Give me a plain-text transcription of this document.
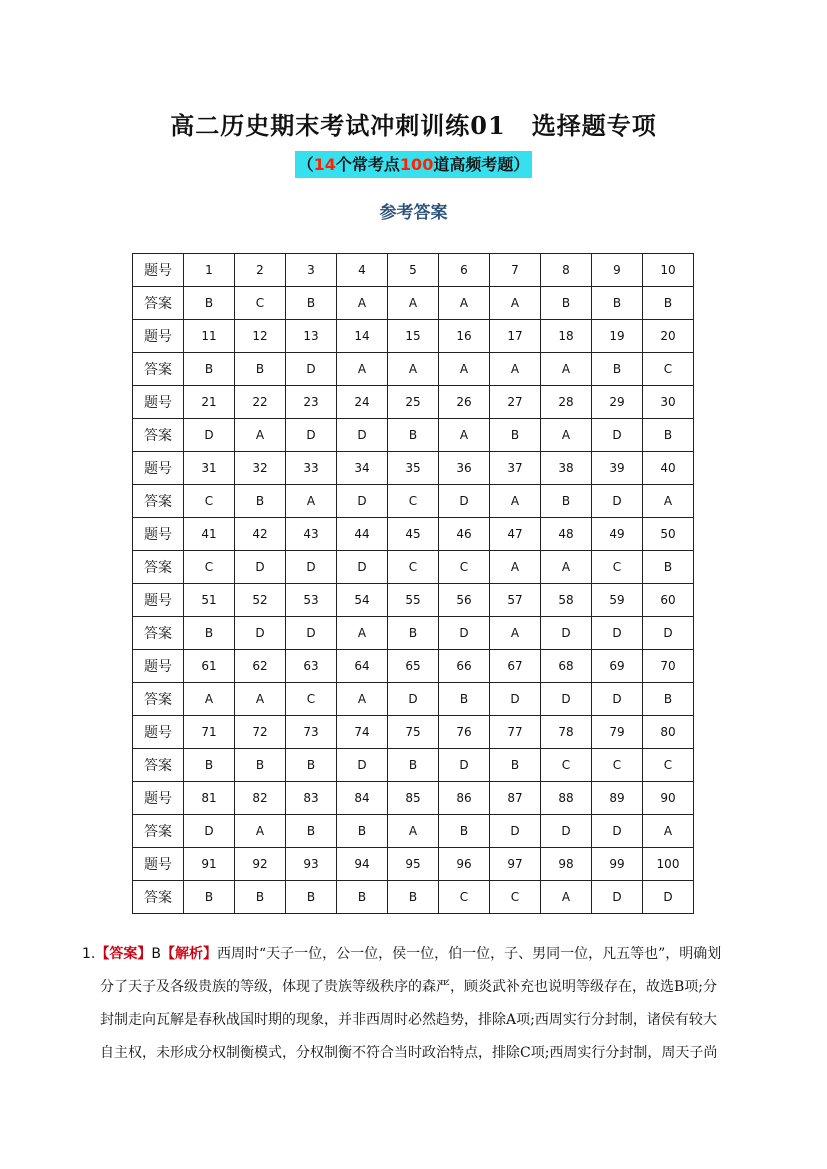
高二历史期末考试冲刺训练01 选择题专项
（14个常考点100道高频考题）
参考答案
题号	1	2	3	4	5	6	7	8	9	10
答案	B	C	B	A	A	A	A	B	B	B
题号	11	12	13	14	15	16	17	18	19	20
答案	B	B	D	A	A	A	A	A	B	C
题号	21	22	23	24	25	26	27	28	29	30
答案	D	A	D	D	B	A	B	A	D	B
题号	31	32	33	34	35	36	37	38	39	40
答案	C	B	A	D	C	D	A	B	D	A
题号	41	42	43	44	45	46	47	48	49	50
答案	C	D	D	D	C	C	A	A	C	B
题号	51	52	53	54	55	56	57	58	59	60
答案	B	D	D	A	B	D	A	D	D	D
题号	61	62	63	64	65	66	67	68	69	70
答案	A	A	C	A	D	B	D	D	D	B
题号	71	72	73	74	75	76	77	78	79	80
答案	B	B	B	D	B	D	B	C	C	C
题号	81	82	83	84	85	86	87	88	89	90
答案	D	A	B	B	A	B	D	D	D	A
题号	91	92	93	94	95	96	97	98	99	100
答案	B	B	B	B	B	C	C	A	D	D
1.【答案】B【解析】西周时“天子一位，公一位，侯一位，伯一位，子、男同一位，凡五等也”，明确划
分了天子及各级贵族的等级，体现了贵族等级秩序的森严，顾炎武补充也说明等级存在，故选B项;分
封制走向瓦解是春秋战国时期的现象，并非西周时必然趋势，排除A项;西周实行分封制，诸侯有较大
自主权，未形成分权制衡模式，分权制衡不符合当时政治特点，排除C项;西周实行分封制，周天子尚
